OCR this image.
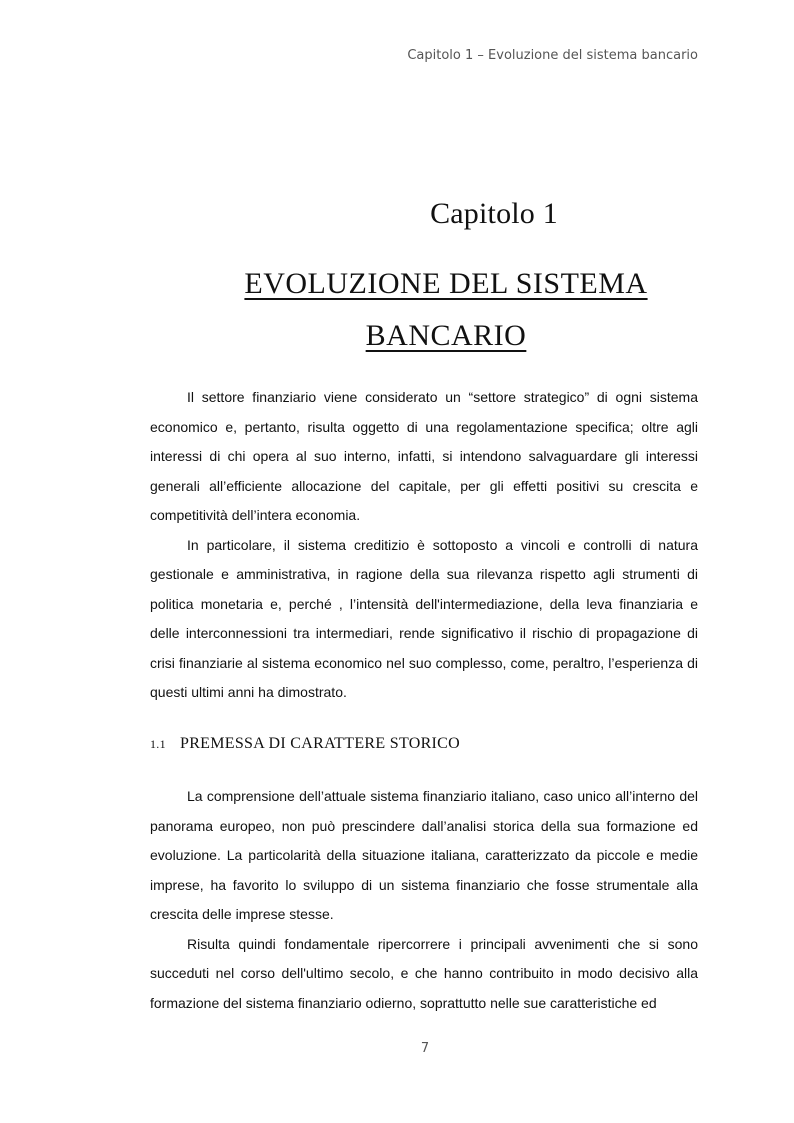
Capitolo 1 – Evoluzione del sistema bancario
Capitolo 1
EVOLUZIONE DEL SISTEMA
BANCARIO

Il settore finanziario viene considerato un “settore strategico” di ogni sistema economico e, pertanto, risulta oggetto di una regolamentazione specifica; oltre agli interessi di chi opera al suo interno, infatti, si intendono salvaguardare gli interessi generali all’efficiente allocazione del capitale, per gli effetti positivi su crescita e competitività dell’intera economia.

In particolare, il sistema creditizio è sottoposto a vincoli e controlli di natura gestionale e amministrativa, in ragione della sua rilevanza rispetto agli strumenti di politica monetaria e, perché , l’intensità dell'intermediazione, della leva finanziaria e delle interconnessioni tra intermediari, rende significativo il rischio di propagazione di crisi finanziarie al sistema economico nel suo complesso, come, peraltro, l’esperienza di questi ultimi anni ha dimostrato.

1.1 PREMESSA DI CARATTERE STORICO

La comprensione dell’attuale sistema finanziario italiano, caso unico all’interno del panorama europeo, non può prescindere dall’analisi storica della sua formazione ed evoluzione. La particolarità della situazione italiana, caratterizzato da piccole e medie imprese, ha favorito lo sviluppo di un sistema finanziario che fosse strumentale alla crescita delle imprese stesse.

Risulta quindi fondamentale ripercorrere i principali avvenimenti che si sono succeduti nel corso dell'ultimo secolo, e che hanno contribuito in modo decisivo alla formazione del sistema finanziario odierno, soprattutto nelle sue caratteristiche ed

7
